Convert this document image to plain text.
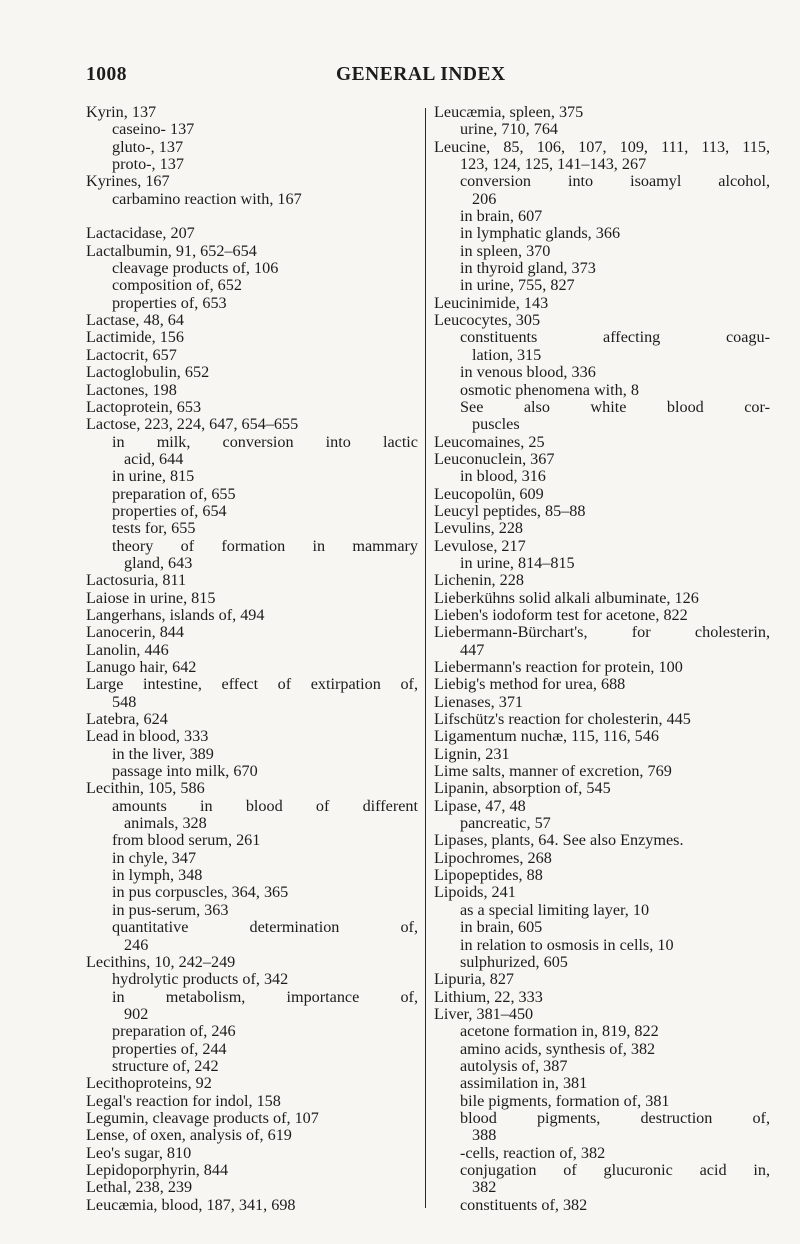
1008	GENERAL INDEX
Kyrin, 137
caseino- 137
gluto-, 137
proto-, 137
Kyrines, 167
carbamino reaction with, 167
Lactacidase, 207
Lactalbumin, 91, 652–654
cleavage products of, 106
composition of, 652
properties of, 653
Lactase, 48, 64
Lactimide, 156
Lactocrit, 657
Lactoglobulin, 652
Lactones, 198
Lactoprotein, 653
Lactose, 223, 224, 647, 654–655
in milk, conversion into lactic
acid, 644
in urine, 815
preparation of, 655
properties of, 654
tests for, 655
theory of formation in mammary
gland, 643
Lactosuria, 811
Laiose in urine, 815
Langerhans, islands of, 494
Lanocerin, 844
Lanolin, 446
Lanugo hair, 642
Large intestine, effect of extirpation of,
548
Latebra, 624
Lead in blood, 333
in the liver, 389
passage into milk, 670
Lecithin, 105, 586
amounts in blood of different
animals, 328
from blood serum, 261
in chyle, 347
in lymph, 348
in pus corpuscles, 364, 365
in pus-serum, 363
quantitative determination of,
246
Lecithins, 10, 242–249
hydrolytic products of, 342
in metabolism, importance of,
902
preparation of, 246
properties of, 244
structure of, 242
Lecithoproteins, 92
Legal's reaction for indol, 158
Legumin, cleavage products of, 107
Lense, of oxen, analysis of, 619
Leo's sugar, 810
Lepidoporphyrin, 844
Lethal, 238, 239
Leucæmia, blood, 187, 341, 698
Leucæmia, spleen, 375
urine, 710, 764
Leucine, 85, 106, 107, 109, 111, 113, 115,
123, 124, 125, 141–143, 267
conversion into isoamyl alcohol,
206
in brain, 607
in lymphatic glands, 366
in spleen, 370
in thyroid gland, 373
in urine, 755, 827
Leucinimide, 143
Leucocytes, 305
constituents affecting coagu-
lation, 315
in venous blood, 336
osmotic phenomena with, 8
See also white blood cor-
puscles
Leucomaines, 25
Leuconuclein, 367
in blood, 316
Leucopolün, 609
Leucyl peptides, 85–88
Levulins, 228
Levulose, 217
in urine, 814–815
Lichenin, 228
Lieberkühns solid alkali albuminate, 126
Lieben's iodoform test for acetone, 822
Liebermann-Bürchart's, for cholesterin,
447
Liebermann's reaction for protein, 100
Liebig's method for urea, 688
Lienases, 371
Lifschütz's reaction for cholesterin, 445
Ligamentum nuchæ, 115, 116, 546
Lignin, 231
Lime salts, manner of excretion, 769
Lipanin, absorption of, 545
Lipase, 47, 48
pancreatic, 57
Lipases, plants, 64. See also Enzymes.
Lipochromes, 268
Lipopeptides, 88
Lipoids, 241
as a special limiting layer, 10
in brain, 605
in relation to osmosis in cells, 10
sulphurized, 605
Lipuria, 827
Lithium, 22, 333
Liver, 381–450
acetone formation in, 819, 822
amino acids, synthesis of, 382
autolysis of, 387
assimilation in, 381
bile pigments, formation of, 381
blood pigments, destruction of,
388
-cells, reaction of, 382
conjugation of glucuronic acid in,
382
constituents of, 382
